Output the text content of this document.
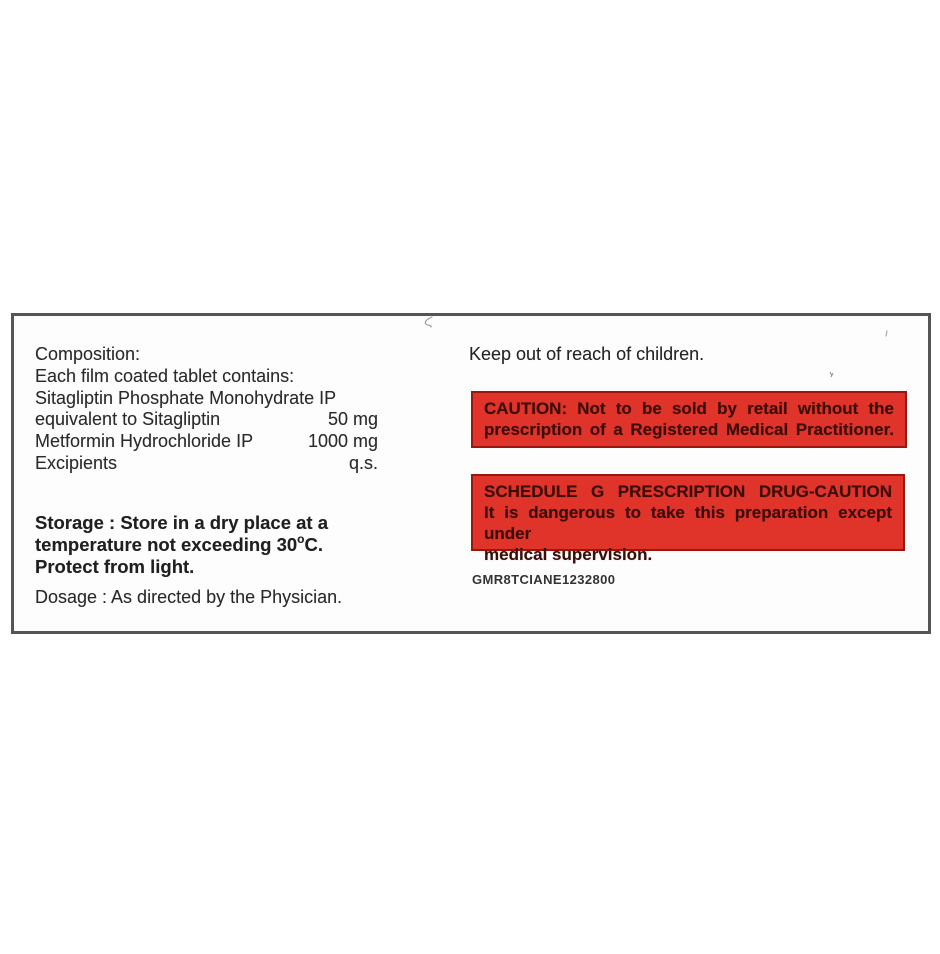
Composition:
Each film coated tablet contains:
Sitagliptin Phosphate Monohydrate IP
equivalent to Sitagliptin	50 mg
Metformin Hydrochloride IP	1000 mg
Excipients	q.s.
Storage : Store in a dry place at a
temperature not exceeding 30$^o$C.
Protect from light.
Dosage : As directed by the Physician.
Keep out of reach of children.
CAUTION: Not to be sold by retail without the
prescription of a Registered Medical Practitioner.
SCHEDULE G PRESCRIPTION DRUG-CAUTION
It is dangerous to take this preparation except under
medical supervision.
GMR8TCIANE1232800
